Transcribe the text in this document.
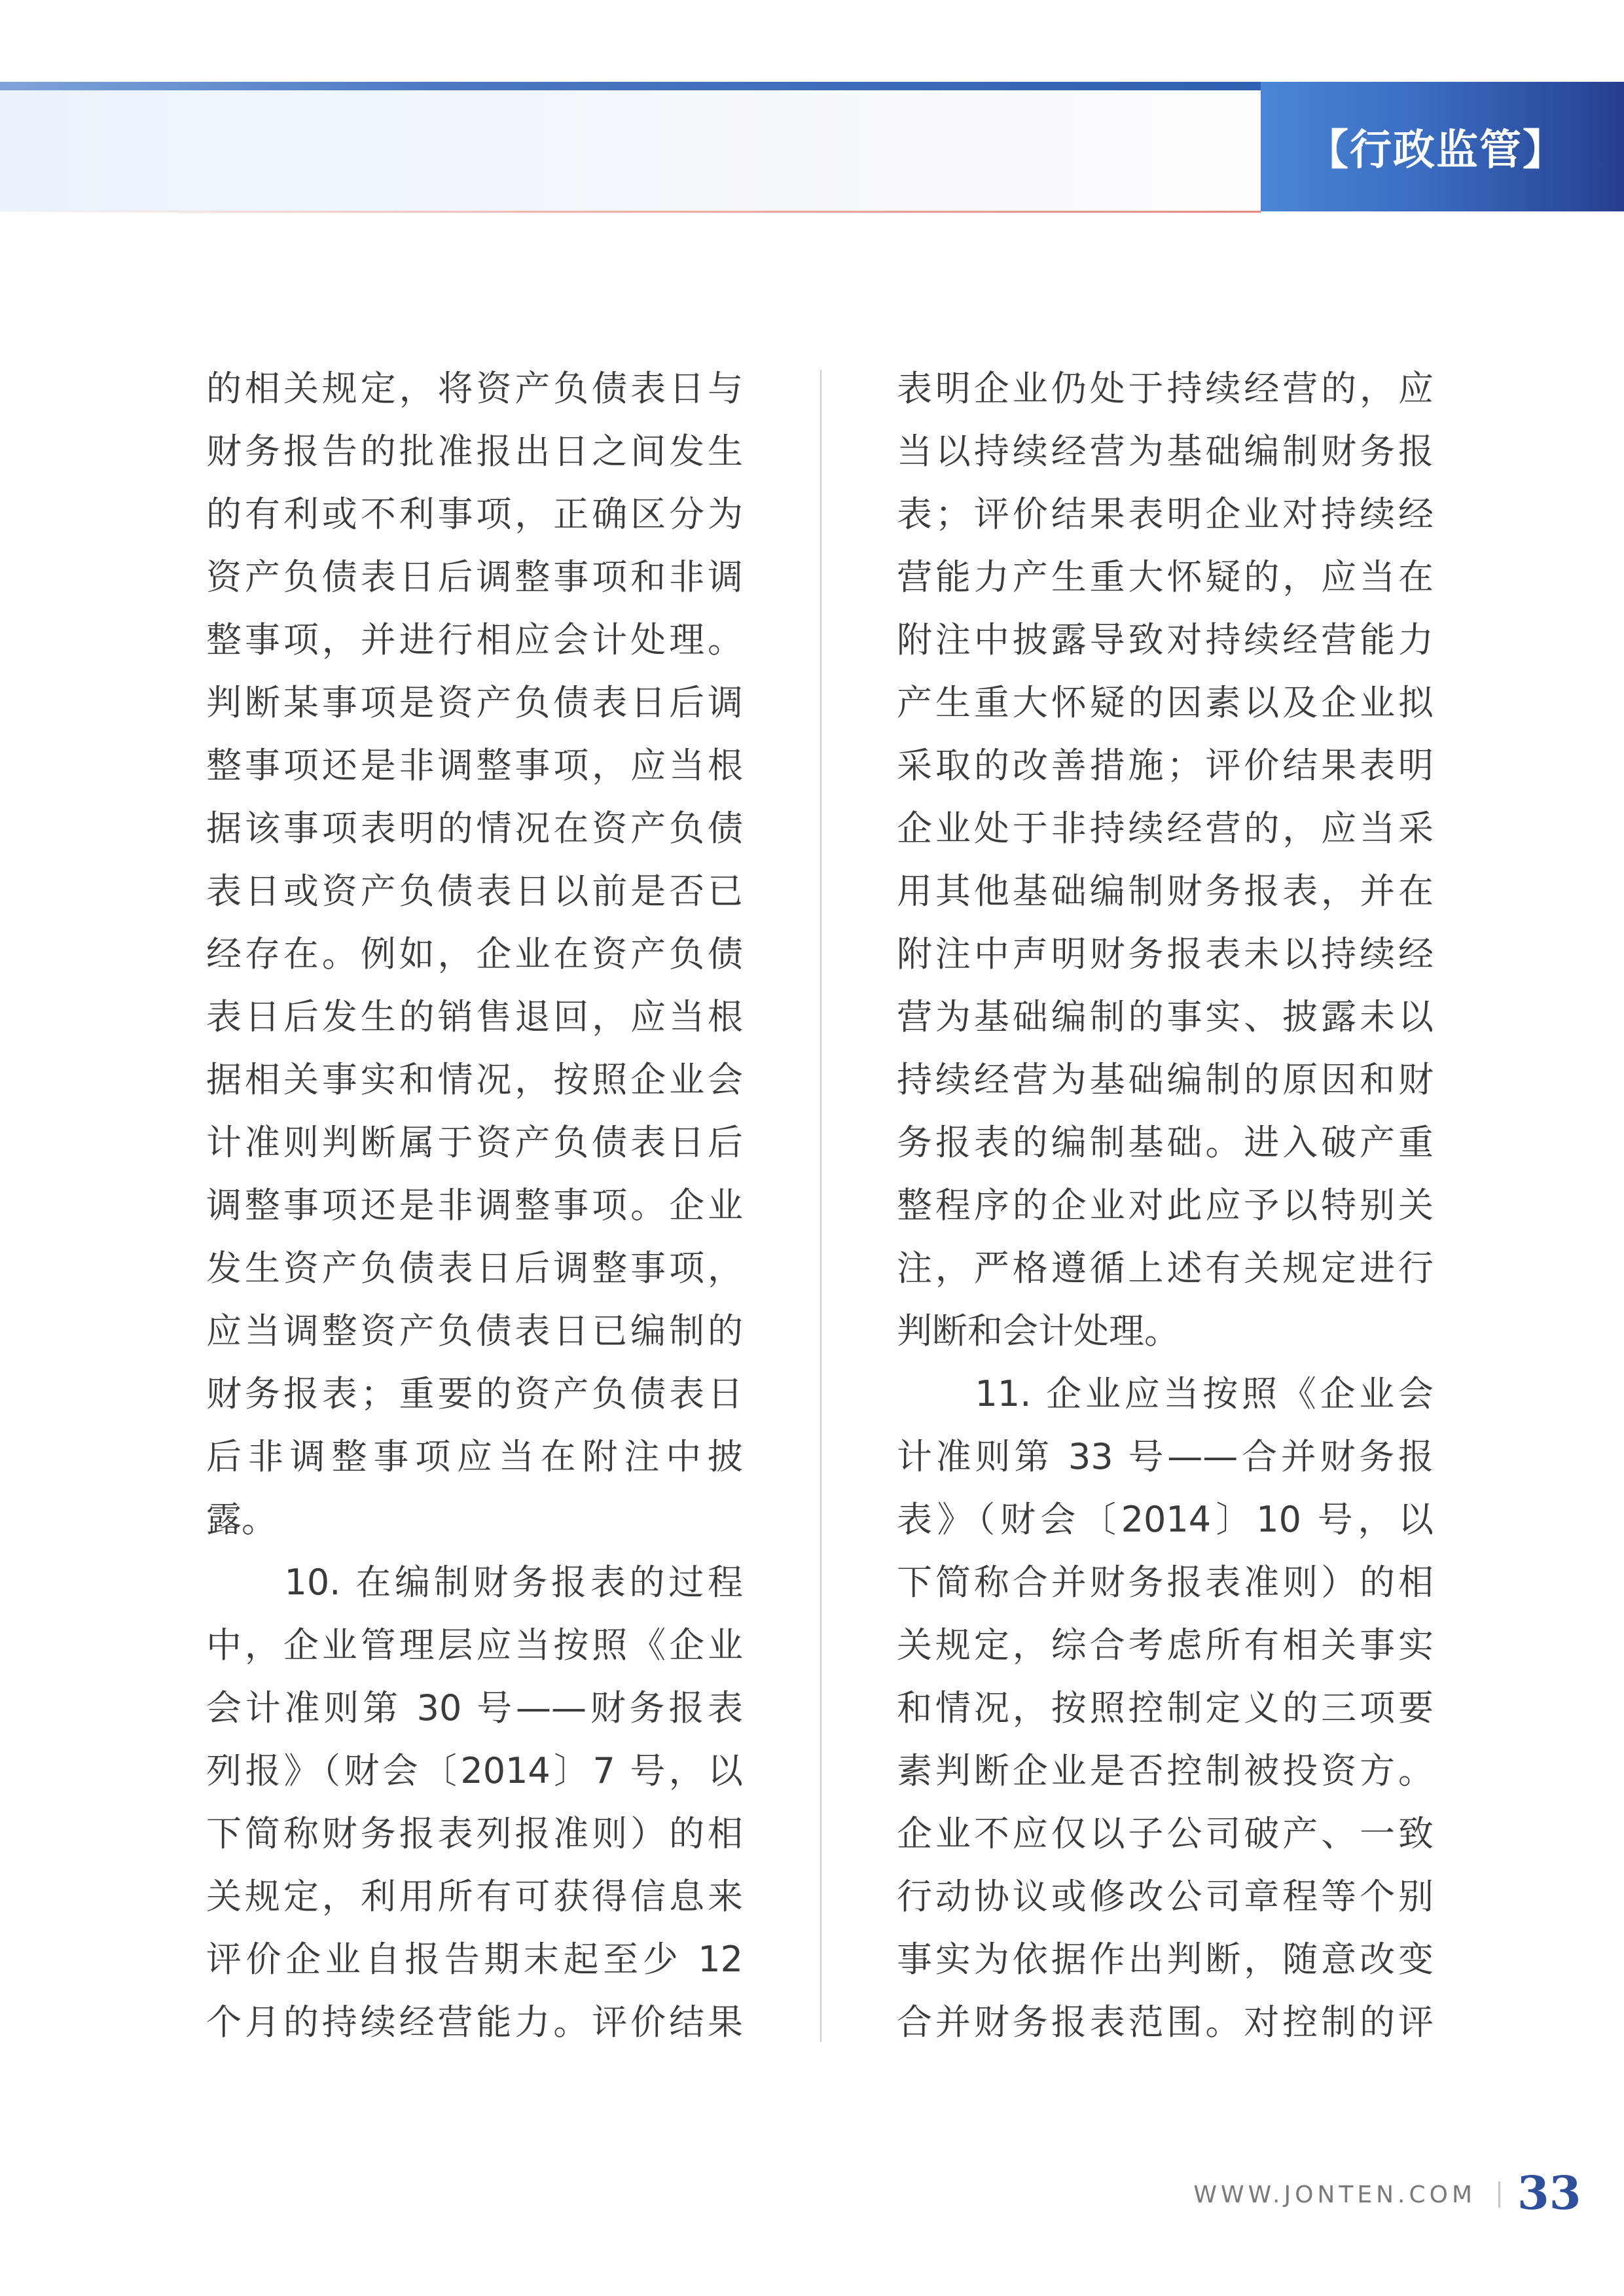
【行政监管】
的相关规定，将资产负债表日与
财务报告的批准报出日之间发生
的有利或不利事项，正确区分为
资产负债表日后调整事项和非调
整事项，并进行相应会计处理。
判断某事项是资产负债表日后调
整事项还是非调整事项，应当根
据该事项表明的情况在资产负债
表日或资产负债表日以前是否已
经存在。例如，企业在资产负债
表日后发生的销售退回，应当根
据相关事实和情况，按照企业会
计准则判断属于资产负债表日后
调整事项还是非调整事项。企业
发生资产负债表日后调整事项，
应当调整资产负债表日已编制的
财务报表；重要的资产负债表日
后非调整事项应当在附注中披
露。
　　10. 在编制财务报表的过程
中，企业管理层应当按照《企业
会计准则第 30 号——财务报表
列报》（财会〔2014〕7 号，以
下简称财务报表列报准则）的相
关规定，利用所有可获得信息来
评价企业自报告期末起至少 12
个月的持续经营能力。评价结果
表明企业仍处于持续经营的，应
当以持续经营为基础编制财务报
表；评价结果表明企业对持续经
营能力产生重大怀疑的，应当在
附注中披露导致对持续经营能力
产生重大怀疑的因素以及企业拟
采取的改善措施；评价结果表明
企业处于非持续经营的，应当采
用其他基础编制财务报表，并在
附注中声明财务报表未以持续经
营为基础编制的事实、披露未以
持续经营为基础编制的原因和财
务报表的编制基础。进入破产重
整程序的企业对此应予以特别关
注，严格遵循上述有关规定进行
判断和会计处理。
　　11. 企业应当按照《企业会
计准则第 33 号——合并财务报
表》（财会〔2014〕10 号，以
下简称合并财务报表准则）的相
关规定，综合考虑所有相关事实
和情况，按照控制定义的三项要
素判断企业是否控制被投资方。
企业不应仅以子公司破产、一致
行动协议或修改公司章程等个别
事实为依据作出判断，随意改变
合并财务报表范围。对控制的评
WWW.JONTEN.COM 33
